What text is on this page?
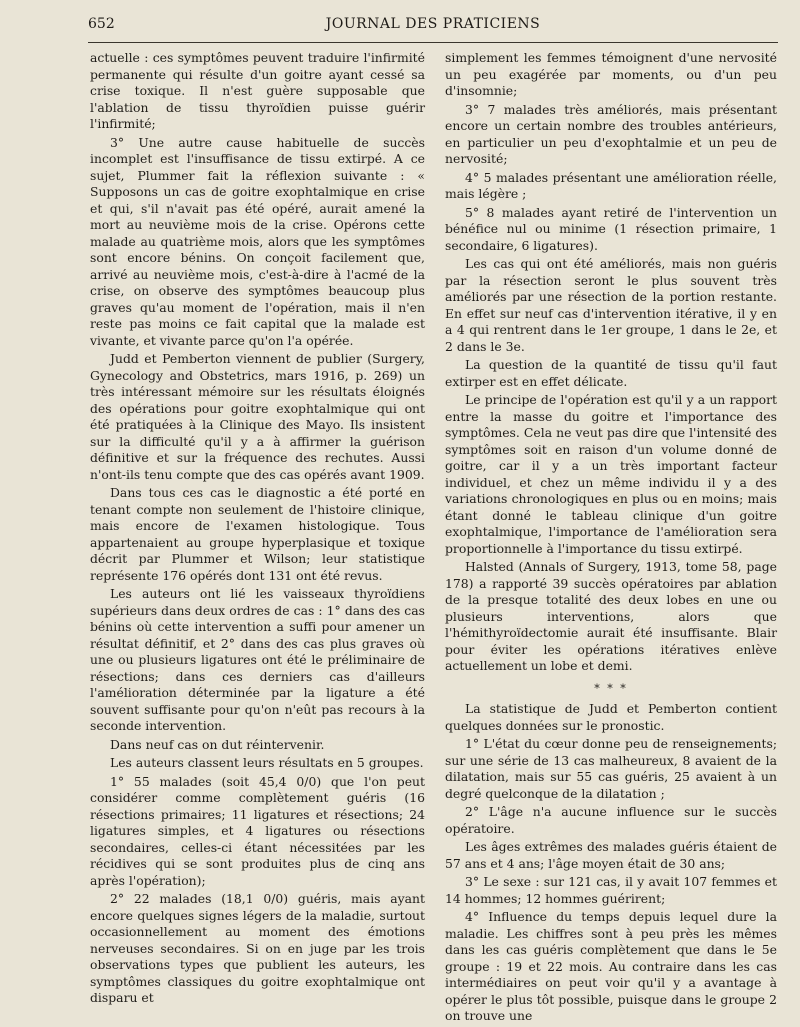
652	JOURNAL DES PRATICIENS

actuelle : ces symptômes peuvent traduire l'infirmité permanente qui résulte d'un goitre ayant cessé sa crise toxique. Il n'est guère supposable que l'ablation de tissu thyroïdien puisse guérir l'infirmité;

3° Une autre cause habituelle de succès incomplet est l'insuffisance de tissu extirpé. A ce sujet, Plummer fait la réflexion suivante : « Supposons un cas de goitre exophtalmique en crise et qui, s'il n'avait pas été opéré, aurait amené la mort au neuvième mois de la crise. Opérons cette malade au quatrième mois, alors que les symptômes sont encore bénins. On conçoit facilement que, arrivé au neuvième mois, c'est-à-dire à l'acmé de la crise, on observe des symptômes beaucoup plus graves qu'au moment de l'opération, mais il n'en reste pas moins ce fait capital que la malade est vivante, et vivante parce qu'on l'a opérée.

Judd et Pemberton viennent de publier (Surgery, Gynecology and Obstetrics, mars 1916, p. 269) un très intéressant mémoire sur les résultats éloignés des opérations pour goitre exophtalmique qui ont été pratiquées à la Clinique des Mayo. Ils insistent sur la difficulté qu'il y a à affirmer la guérison définitive et sur la fréquence des rechutes. Aussi n'ont-ils tenu compte que des cas opérés avant 1909.

Dans tous ces cas le diagnostic a été porté en tenant compte non seulement de l'histoire clinique, mais encore de l'examen histologique. Tous appartenaient au groupe hyperplasique et toxique décrit par Plummer et Wilson; leur statistique représente 176 opérés dont 131 ont été revus.

Les auteurs ont lié les vaisseaux thyroïdiens supérieurs dans deux ordres de cas : 1° dans des cas bénins où cette intervention a suffi pour amener un résultat définitif, et 2° dans des cas plus graves où une ou plusieurs ligatures ont été le préliminaire de résections; dans ces derniers cas d'ailleurs l'amélioration déterminée par la ligature a été souvent suffisante pour qu'on n'eût pas recours à la seconde intervention.

Dans neuf cas on dut réintervenir.

Les auteurs classent leurs résultats en 5 groupes.

1° 55 malades (soit 45,4 0/0) que l'on peut considérer comme complètement guéris (16 résections primaires; 11 ligatures et résections; 24 ligatures simples, et 4 ligatures ou résections secondaires, celles-ci étant nécessitées par les récidives qui se sont produites plus de cinq ans après l'opération);

2° 22 malades (18,1 0/0) guéris, mais ayant encore quelques signes légers de la maladie, surtout occasionnellement au moment des émotions nerveuses secondaires. Si on en juge par les trois observations types que publient les auteurs, les symptômes classiques du goitre exophtalmique ont disparu et

simplement les femmes témoignent d'une nervosité un peu exagérée par moments, ou d'un peu d'insomnie;

3° 7 malades très améliorés, mais présentant encore un certain nombre des troubles antérieurs, en particulier un peu d'exophtalmie et un peu de nervosité;

4° 5 malades présentant une amélioration réelle, mais légère ;

5° 8 malades ayant retiré de l'intervention un bénéfice nul ou minime (1 résection primaire, 1 secondaire, 6 ligatures).

Les cas qui ont été améliorés, mais non guéris par la résection seront le plus souvent très améliorés par une résection de la portion restante. En effet sur neuf cas d'intervention itérative, il y en a 4 qui rentrent dans le 1er groupe, 1 dans le 2e, et 2 dans le 3e.

La question de la quantité de tissu qu'il faut extirper est en effet délicate.

Le principe de l'opération est qu'il y a un rapport entre la masse du goitre et l'importance des symptômes. Cela ne veut pas dire que l'intensité des symptômes soit en raison d'un volume donné de goitre, car il y a un très important facteur individuel, et chez un même individu il y a des variations chronologiques en plus ou en moins; mais étant donné le tableau clinique d'un goitre exophtalmique, l'importance de l'amélioration sera proportionnelle à l'importance du tissu extirpé.

Halsted (Annals of Surgery, 1913, tome 58, page 178) a rapporté 39 succès opératoires par ablation de la presque totalité des deux lobes en une ou plusieurs interventions, alors que l'hémithyroïdectomie aurait été insuffisante. Blair pour éviter les opérations itératives enlève actuellement un lobe et demi.

* * *

La statistique de Judd et Pemberton contient quelques données sur le pronostic.

1° L'état du cœur donne peu de renseignements; sur une série de 13 cas malheureux, 8 avaient de la dilatation, mais sur 55 cas guéris, 25 avaient à un degré quelconque de la dilatation ;

2° L'âge n'a aucune influence sur le succès opératoire.

Les âges extrêmes des malades guéris étaient de 57 ans et 4 ans; l'âge moyen était de 30 ans;

3° Le sexe : sur 121 cas, il y avait 107 femmes et 14 hommes; 12 hommes guérirent;

4° Influence du temps depuis lequel dure la maladie. Les chiffres sont à peu près les mêmes dans les cas guéris complètement que dans le 5e groupe : 19 et 22 mois. Au contraire dans les cas intermédiaires on peut voir qu'il y a avantage à opérer le plus tôt possible, puisque dans le groupe 2 on trouve une
